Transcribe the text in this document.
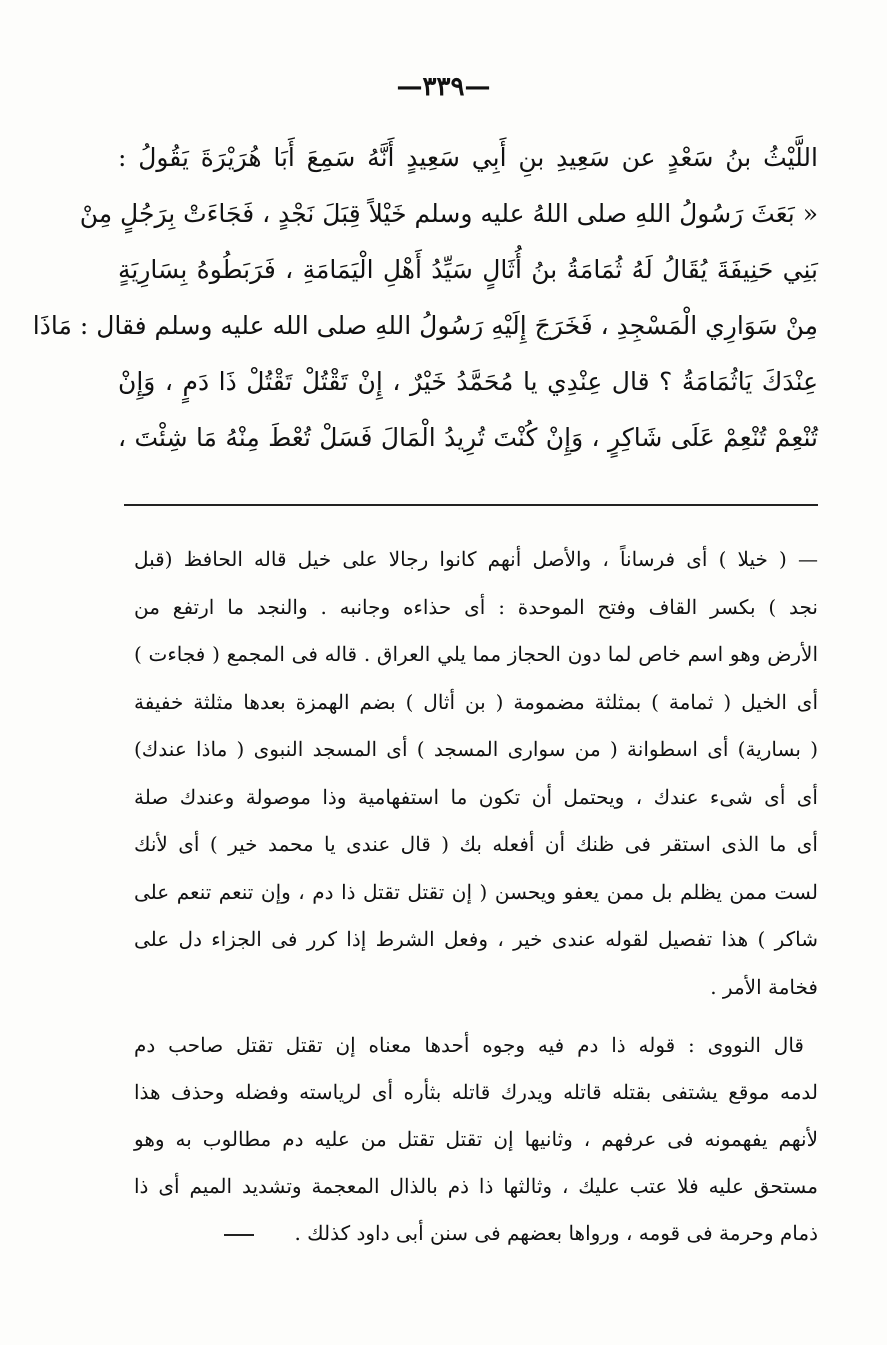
—٣٣٩—
اللَّيْثُ بنُ سَعْدٍ عن سَعِيدِ بنِ أَبِي سَعِيدٍ أَنَّهُ سَمِعَ أَبَا هُرَيْرَةَ يَقُولُ :
« بَعَثَ رَسُولُ اللهِ صلى اللهُ عليه وسلم خَيْلاً قِبَلَ نَجْدٍ ، فَجَاءَتْ بِرَجُلٍ مِنْ
بَنِي حَنِيفَةَ يُقَالُ لَهُ ثُمَامَةُ بنُ أُثَالٍ سَيِّدُ أَهْلِ الْيَمَامَةِ ، فَرَبَطُوهُ بِسَارِيَةٍ
مِنْ سَوَارِي الْمَسْجِدِ ، فَخَرَجَ إِلَيْهِ رَسُولُ اللهِ صلى الله عليه وسلم فقال : مَاذَا
عِنْدَكَ يَاثُمَامَةُ ؟ قال عِنْدِي يا مُحَمَّدُ خَيْرٌ ، إِنْ تَقْتُلْ تَقْتُلْ ذَا دَمٍ ، وَإِنْ
تُنْعِمْ تُنْعِمْ عَلَى شَاكِرٍ ، وَإِنْ كُنْتَ تُرِيدُ الْمَالَ فَسَلْ تُعْطَ مِنْهُ مَا شِئْتَ ،
— ( خيلا ) أى فرساناً ، والأصل أنهم كانوا رجالا على خيل قاله الحافظ (قبل
نجد ) بكسر القاف وفتح الموحدة : أى حذاءه وجانبه . والنجد ما ارتفع من
الأرض وهو اسم خاص لما دون الحجاز مما يلي العراق . قاله فى المجمع ( فجاءت )
أى الخيل ( ثمامة ) بمثلثة مضمومة ( بن أثال ) بضم الهمزة بعدها مثلثة خفيفة
( بسارية) أى اسطوانة ( من سوارى المسجد ) أى المسجد النبوى ( ماذا عندك)
أى أى شىء عندك ، ويحتمل أن تكون ما استفهامية وذا موصولة وعندك صلة
أى ما الذى استقر فى ظنك أن أفعله بك ( قال عندى يا محمد خير ) أى لأنك
لست ممن يظلم بل ممن يعفو ويحسن ( إن تقتل تقتل ذا دم ، وإن تنعم تنعم على
شاكر ) هذا تفصيل لقوله عندى خير ، وفعل الشرط إذا كرر فى الجزاء دل على
فخامة الأمر .
قال النووى : قوله ذا دم فيه وجوه أحدها معناه إن تقتل تقتل صاحب دم
لدمه موقع يشتفى بقتله قاتله ويدرك قاتله بثأره أى لرياسته وفضله وحذف هذا
لأنهم يفهمونه فى عرفهم ، وثانيها إن تقتل تقتل من عليه دم مطالوب به وهو
مستحق عليه فلا عتب عليك ، وثالثها ذا ذم بالذال المعجمة وتشديد الميم أى ذا
ذمام وحرمة فى قومه ، ورواها بعضهم فى سنن أبى داود كذلك .
